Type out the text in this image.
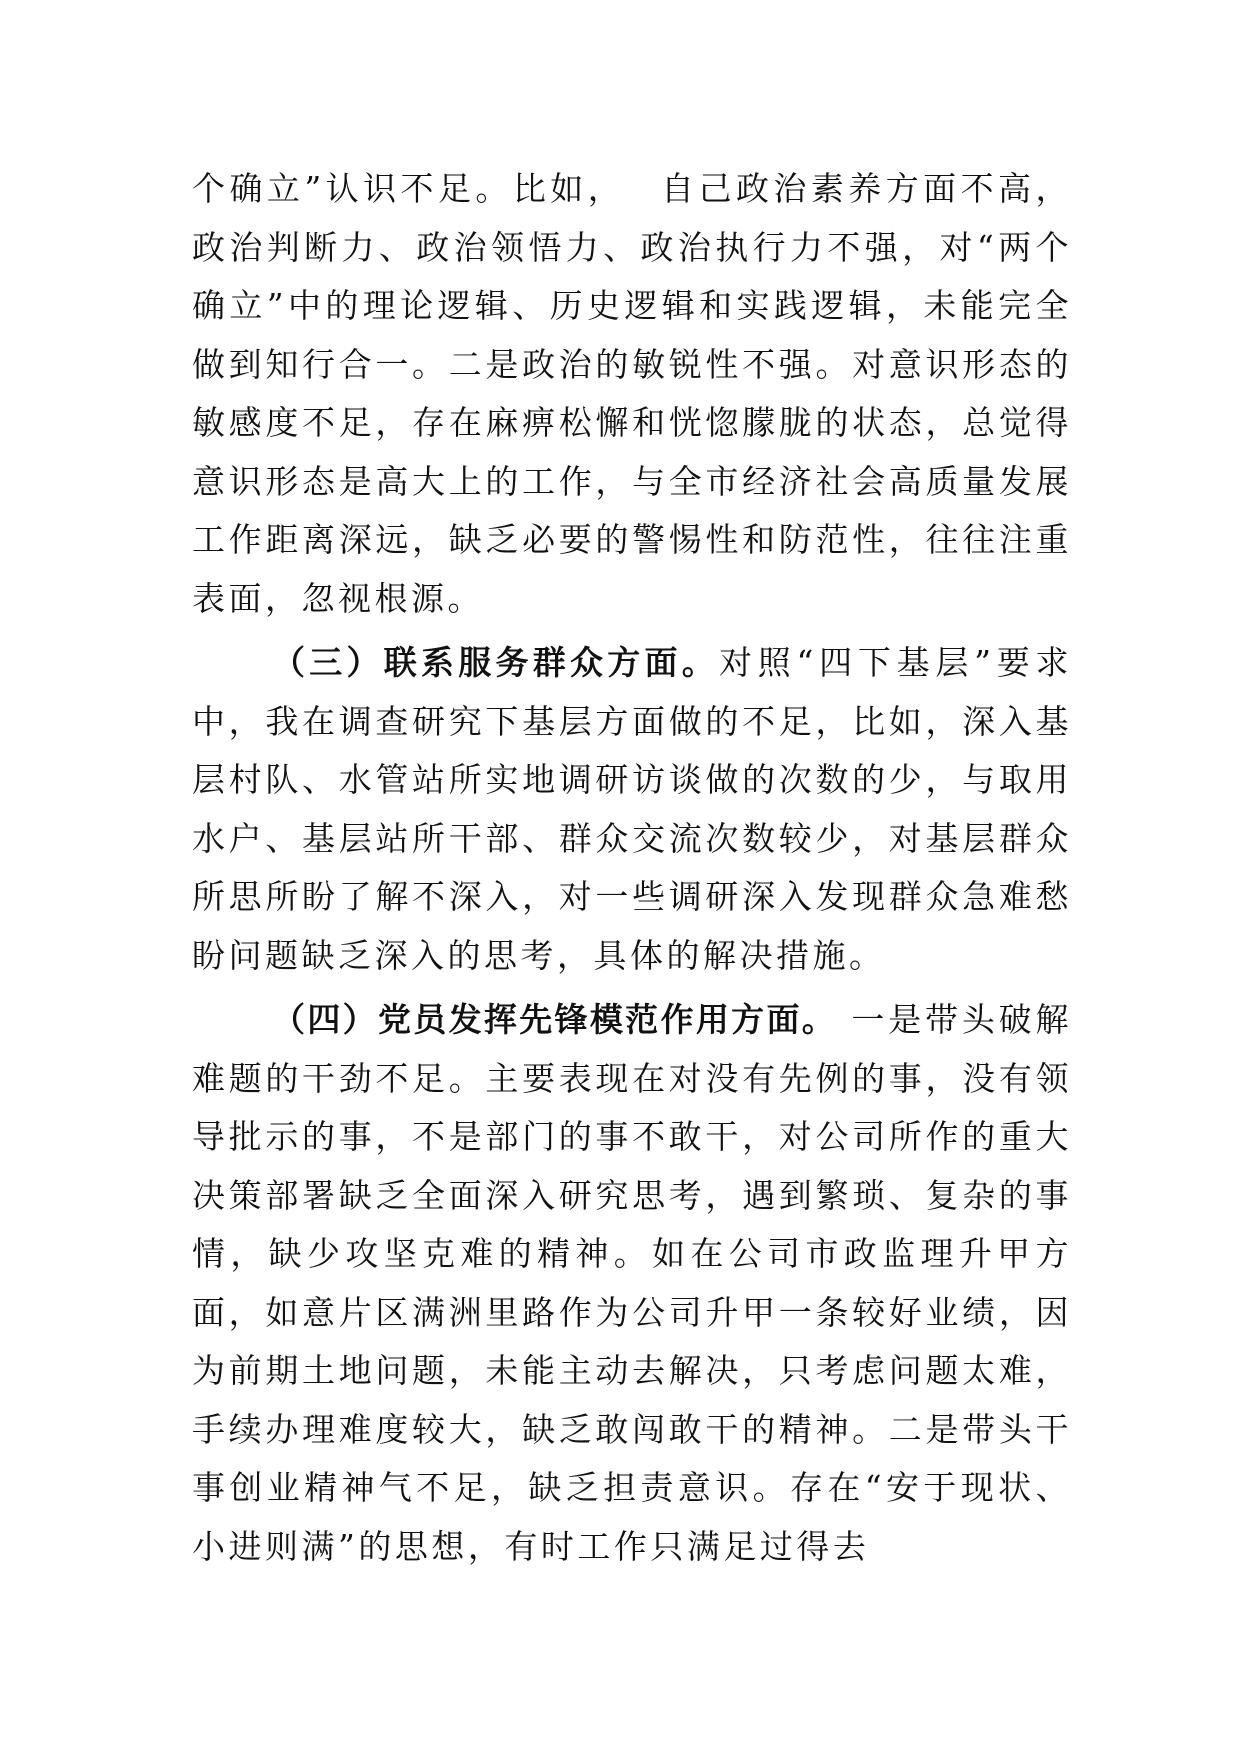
个确立”认识不足。比如，　 自己政治素养方面不高，政治判断力、政治领悟力、政治执行力不强，对“两个确立”中的理论逻辑、历史逻辑和实践逻辑，未能完全做到知行合一。二是政治的敏锐性不强。对意识形态的敏感度不足，存在麻痹松懈和恍惚朦胧的状态，总觉得意识形态是高大上的工作，与全市经济社会高质量发展工作距离深远，缺乏必要的警惕性和防范性，往往注重表面，忽视根源。

（三）联系服务群众方面。对照“四下基层”要求中，我在调查研究下基层方面做的不足，比如，深入基层村队、水管站所实地调研访谈做的次数的少，与取用水户、基层站所干部、群众交流次数较少，对基层群众所思所盼了解不深入，对一些调研深入发现群众急难愁盼问题缺乏深入的思考，具体的解决措施。

（四）党员发挥先锋模范作用方面。 一是带头破解难题的干劲不足。主要表现在对没有先例的事，没有领导批示的事，不是部门的事不敢干，对公司所作的重大决策部署缺乏全面深入研究思考，遇到繁琐、复杂的事情，缺少攻坚克难的精神。如在公司市政监理升甲方面，如意片区满洲里路作为公司升甲一条较好业绩，因为前期土地问题，未能主动去解决，只考虑问题太难，手续办理难度较大，缺乏敢闯敢干的精神。二是带头干事创业精神气不足，缺乏担责意识。存在“安于现状、小进则满”的思想，有时工作只满足过得去
